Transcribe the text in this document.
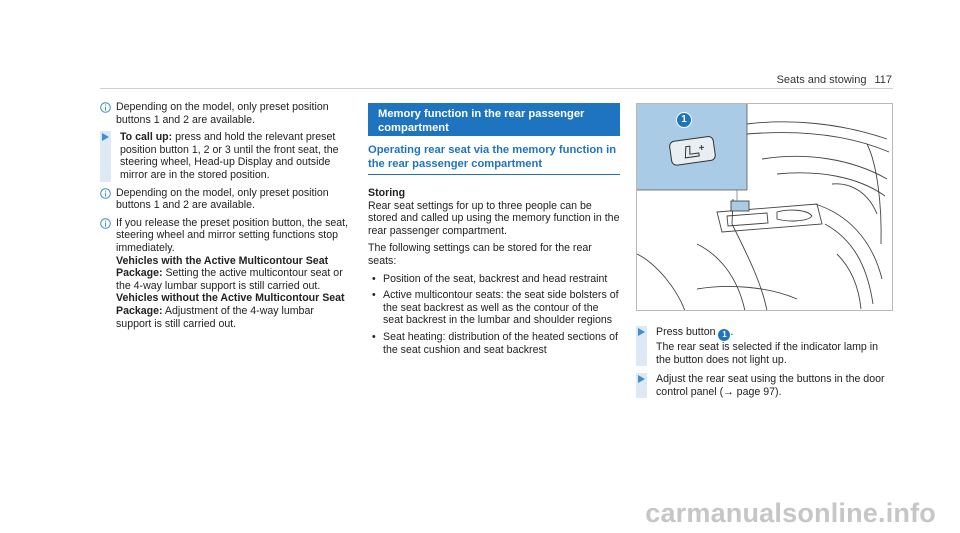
Seats and stowing 117
Depending on the model, only preset position buttons 1 and 2 are available.
To call up: press and hold the relevant preset position button 1, 2 or 3 until the front seat, the steering wheel, Head-up Display and outside mirror are in the stored position.
Depending on the model, only preset position buttons 1 and 2 are available.
If you release the preset position button, the seat, steering wheel and mirror setting functions stop immediately.
Vehicles with the Active Multicontour Seat Package: Setting the active multicontour seat or the 4-way lumbar support is still carried out.
Vehicles without the Active Multicontour Seat Package: Adjustment of the 4-way lumbar support is still carried out.
Memory function in the rear passenger compartment
Operating rear seat via the memory function in the rear passenger compartment
Storing

Rear seat settings for up to three people can be stored and called up using the memory function in the rear passenger compartment.

The following settings can be stored for the rear seats:

• Position of the seat, backrest and head restraint
• Active multicontour seats: the seat side bolsters of the seat backrest as well as the contour of the seat backrest in the lumbar and shoulder regions
• Seat heating: distribution of the heated sections of the seat cushion and seat backrest
1
Press button 1 .
The rear seat is selected if the indicator lamp in the button does not light up.
Adjust the rear seat using the buttons in the door control panel (→ page 97).
carmanualsonline.info
